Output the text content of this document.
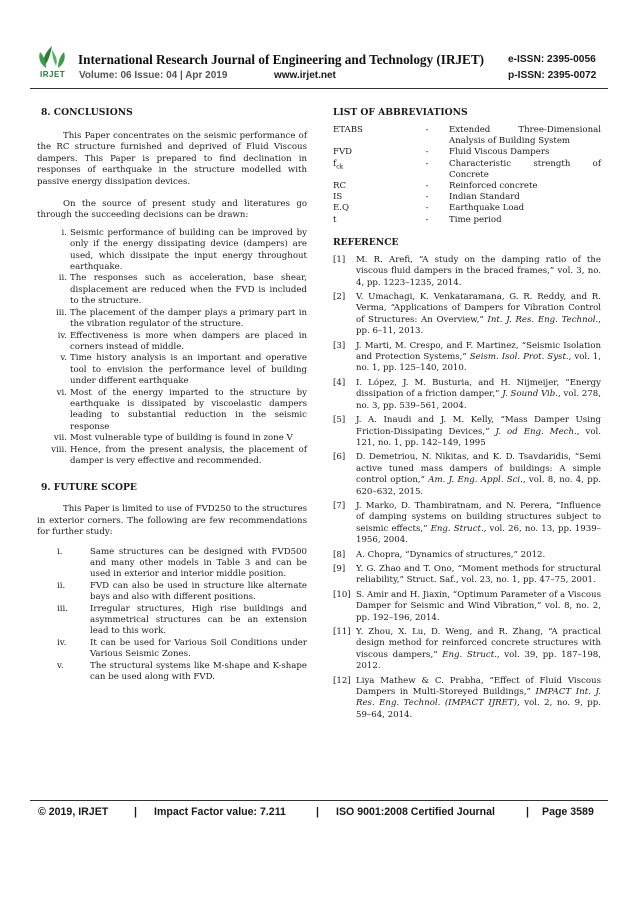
IRJET
International Research Journal of Engineering and Technology (IRJET) e-ISSN: 2395-0056
Volume: 06 Issue: 04 | Apr 2019	www.irjet.net	p-ISSN: 2395-0072
8. CONCLUSIONS

This Paper concentrates on the seismic performance of the RC structure furnished and deprived of Fluid Viscous dampers. This Paper is prepared to find declination in responses of earthquake in the structure modelled with passive energy dissipation devices.

On the source of present study and literatures go through the succeeding decisions can be drawn:

i. Seismic performance of building can be improved by only if the energy dissipating device (dampers) are used, which dissipate the input energy throughout earthquake.
ii. The responses such as acceleration, base shear, displacement are reduced when the FVD is included to the structure.
iii. The placement of the damper plays a primary part in the vibration regulator of the structure.
iv. Effectiveness is more when dampers are placed in corners instead of middle.
v. Time history analysis is an important and operative tool to envision the performance level of building under different earthquake
vi. Most of the energy imparted to the structure by earthquake is dissipated by viscoelastic dampers leading to substantial reduction in the seismic response
vii. Most vulnerable type of building is found in zone V
viii. Hence, from the present analysis, the placement of damper is very effective and recommended.
9. FUTURE SCOPE

This Paper is limited to use of FVD250 to the structures in exterior corners. The following are few recommendations for further study:

i.	Same structures can be designed with FVD500 and many other models in Table 3 and can be used in exterior and interior middle position.
ii.	FVD can also be used in structure like alternate bays and also with different positions.
iii.	Irregular structures, High rise buildings and asymmetrical structures can be an extension lead to this work.
iv.	It can be used for Various Soil Conditions under Various Seismic Zones.
v.	The structural systems like M-shape and K-shape can be used along with FVD.
LIST OF ABBREVIATIONS
ETABS	-	Extended Three-Dimensional Analysis of Building System
FVD	-	Fluid Viscous Dampers
$f_{ck}$	-	Characteristic strength of Concrete
RC	-	Reinforced concrete
IS	-	Indian Standard
E.Q	-	Earthquake Load
t	-	Time period
REFERENCE
[1] M. R. Arefi, “A study on the damping ratio of the viscous fluid dampers in the braced frames,” vol. 3, no. 4, pp. 1223–1235, 2014.
[2] V. Umachagi, K. Venkataramana, G. R. Reddy, and R. Verma, “Applications of Dampers for Vibration Control of Structures: An Overview,” Int. J. Res. Eng. Technol., pp. 6–11, 2013.
[3] J. Marti, M. Crespo, and F. Martinez, “Seismic Isolation and Protection Systems,” Seism. Isol. Prot. Syst., vol. 1, no. 1, pp. 125–140, 2010.
[4] I. López, J. M. Busturia, and H. Nijmeijer, “Energy dissipation of a friction damper,” J. Sound Vib., vol. 278, no. 3, pp. 539–561, 2004.
[5] J. A. Inaudi and J. M. Kelly, “Mass Damper Using Friction-Dissipating Devices,” J. od Eng. Mech., vol. 121, no. 1, pp. 142–149, 1995
[6] D. Demetriou, N. Nikitas, and K. D. Tsavdaridis, “Semi active tuned mass dampers of buildings: A simple control option,” Am. J. Eng. Appl. Sci., vol. 8, no. 4, pp. 620–632, 2015.
[7] J. Marko, D. Thambiratnam, and N. Perera, “Influence of damping systems on building structures subject to seismic effects,” Eng. Struct., vol. 26, no. 13, pp. 1939–1956, 2004.
[8] A. Chopra, “Dynamics of structures,” 2012.
[9] Y. G. Zhao and T. Ono, “Moment methods for structural reliability,” Struct. Saf., vol. 23, no. 1, pp. 47–75, 2001.
[10] S. Amir and H. Jiaxin, “Optimum Parameter of a Viscous Damper for Seismic and Wind Vibration,” vol. 8, no. 2, pp. 192–196, 2014.
[11] Y. Zhou, X. Lu, D. Weng, and R. Zhang, “A practical design method for reinforced concrete structures with viscous dampers,” Eng. Struct., vol. 39, pp. 187–198, 2012.
[12] Liya Mathew & C. Prabha, “Effect of Fluid Viscous Dampers in Multi-Storeyed Buildings,” IMPACT Int. J. Res. Eng. Technol. (IMPACT IJRET), vol. 2, no. 9, pp. 59–64, 2014.
© 2019, IRJET | Impact Factor value: 7.211	| ISO 9001:2008 Certified Journal	| Page 3589
